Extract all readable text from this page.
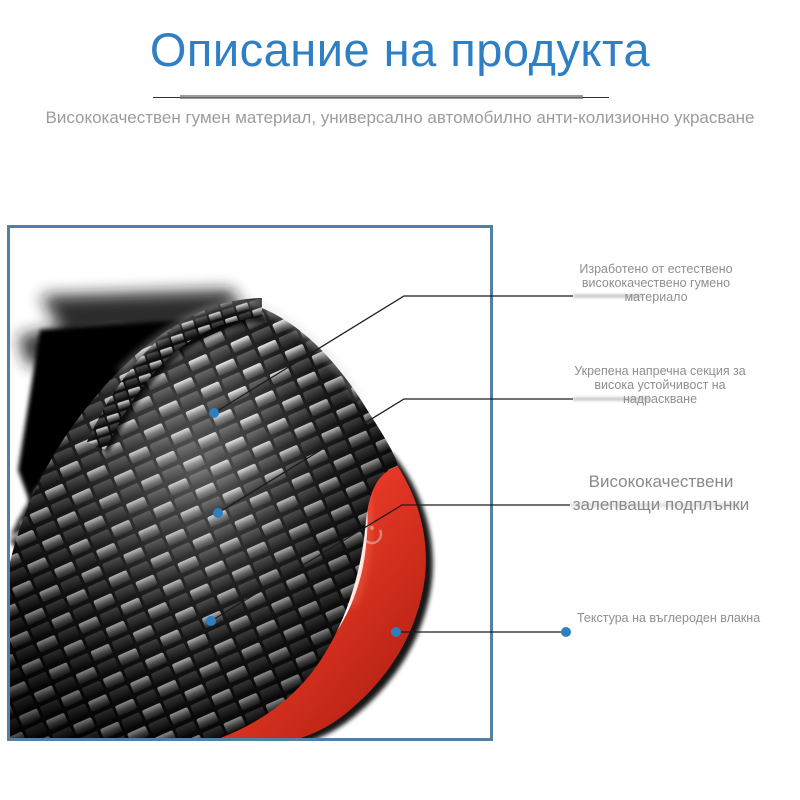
Описание на продукта

Висококачествен гумен материал, универсално автомобилно анти-колизионно украсване

Изработено от естествено
висококачествено гумено
материало
Укрепена напречна секция за
висока устойчивост на
надраскване
Висококачествени
залепващи подплънки
Текстура на въглероден влакна
